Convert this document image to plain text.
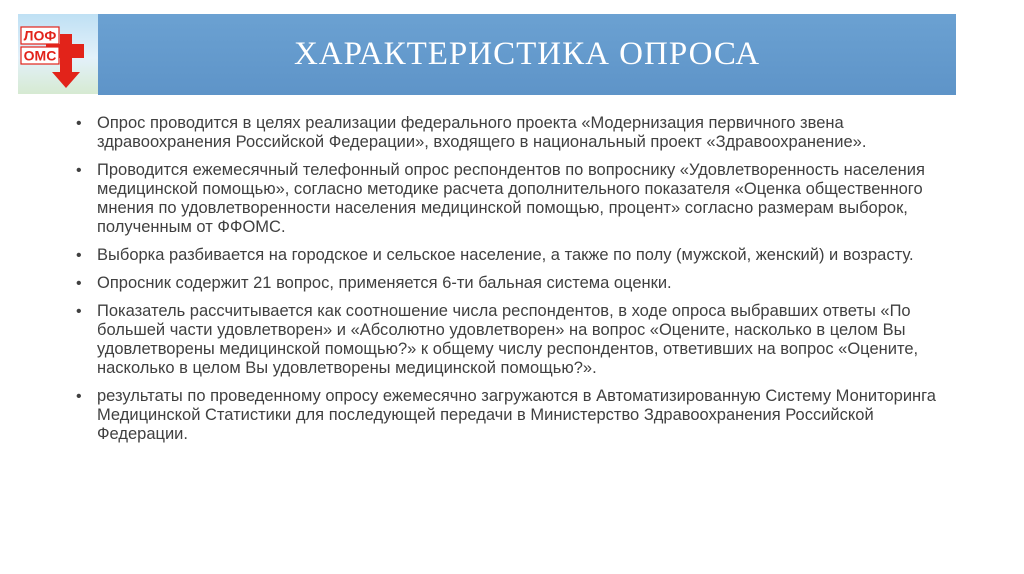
ЛОФ
ОМС	ХАРАКТЕРИСТИКА ОПРОСА
• Опрос проводится в целях реализации федерального проекта «Модернизация первичного звена здравоохранения Российской Федерации», входящего в национальный проект «Здравоохранение».
• Проводится ежемесячный телефонный опрос респондентов по вопроснику «Удовлетворенность населения медицинской помощью», согласно методике расчета дополнительного показателя «Оценка общественного мнения по удовлетворенности населения медицинской помощью, процент» согласно размерам выборок, полученным от ФФОМС.
• Выборка разбивается на городское и сельское население, а также по полу (мужской, женский) и возрасту.
• Опросник содержит 21 вопрос, применяется 6-ти бальная система оценки.
• Показатель рассчитывается как соотношение числа респондентов, в ходе опроса выбравших ответы «По большей части удовлетворен» и «Абсолютно удовлетворен» на вопрос «Оцените, насколько в целом Вы удовлетворены медицинской помощью?» к общему числу респондентов, ответивших на вопрос «Оцените, насколько в целом Вы удовлетворены медицинской помощью?».
• результаты по проведенному опросу ежемесячно загружаются в Автоматизированную Систему Мониторинга Медицинской Статистики для последующей передачи в Министерство Здравоохранения Российской Федерации.
